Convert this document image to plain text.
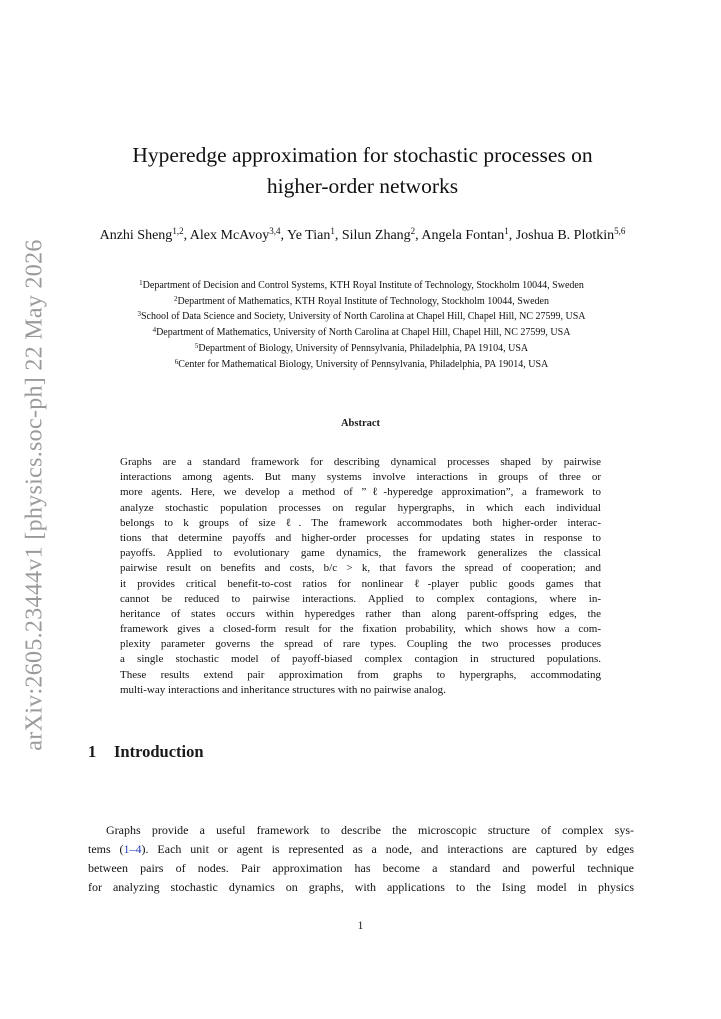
arXiv:2605.23444v1 [physics.soc-ph] 22 May 2026
Hyperedge approximation for stochastic processes on
higher-order networks
Anzhi Sheng$^{1,2}$, Alex McAvoy$^{3,4}$, Ye Tian$^1$, Silun Zhang$^2$, Angela Fontan$^1$, Joshua B. Plotkin$^{5,6}$
$^1$Department of Decision and Control Systems, KTH Royal Institute of Technology, Stockholm 10044, Sweden
$^2$Department of Mathematics, KTH Royal Institute of Technology, Stockholm 10044, Sweden
$^3$School of Data Science and Society, University of North Carolina at Chapel Hill, Chapel Hill, NC 27599, USA
$^4$Department of Mathematics, University of North Carolina at Chapel Hill, Chapel Hill, NC 27599, USA
$^5$Department of Biology, University of Pennsylvania, Philadelphia, PA 19104, USA
$^6$Center for Mathematical Biology, University of Pennsylvania, Philadelphia, PA 19014, USA
Abstract
Graphs are a standard framework for describing dynamical processes shaped by pairwise
interactions among agents. But many systems involve interactions in groups of three or
more agents. Here, we develop a method of ”ℓ-hyperedge approximation”, a framework to
analyze stochastic population processes on regular hypergraphs, in which each individual
belongs to k groups of size ℓ. The framework accommodates both higher-order interac-
tions that determine payoffs and higher-order processes for updating states in response to
payoffs. Applied to evolutionary game dynamics, the framework generalizes the classical
pairwise result on benefits and costs, b/c > k, that favors the spread of cooperation; and
it provides critical benefit-to-cost ratios for nonlinear ℓ-player public goods games that
cannot be reduced to pairwise interactions. Applied to complex contagions, where in-
heritance of states occurs within hyperedges rather than along parent-offspring edges, the
framework gives a closed-form result for the fixation probability, which shows how a com-
plexity parameter governs the spread of rare types. Coupling the two processes produces
a single stochastic model of payoff-biased complex contagion in structured populations.
These results extend pair approximation from graphs to hypergraphs, accommodating
multi-way interactions and inheritance structures with no pairwise analog.
1 Introduction
Graphs provide a useful framework to describe the microscopic structure of complex sys-
tems (1–4). Each unit or agent is represented as a node, and interactions are captured by edges
between pairs of nodes. Pair approximation has become a standard and powerful technique
for analyzing stochastic dynamics on graphs, with applications to the Ising model in physics
1
